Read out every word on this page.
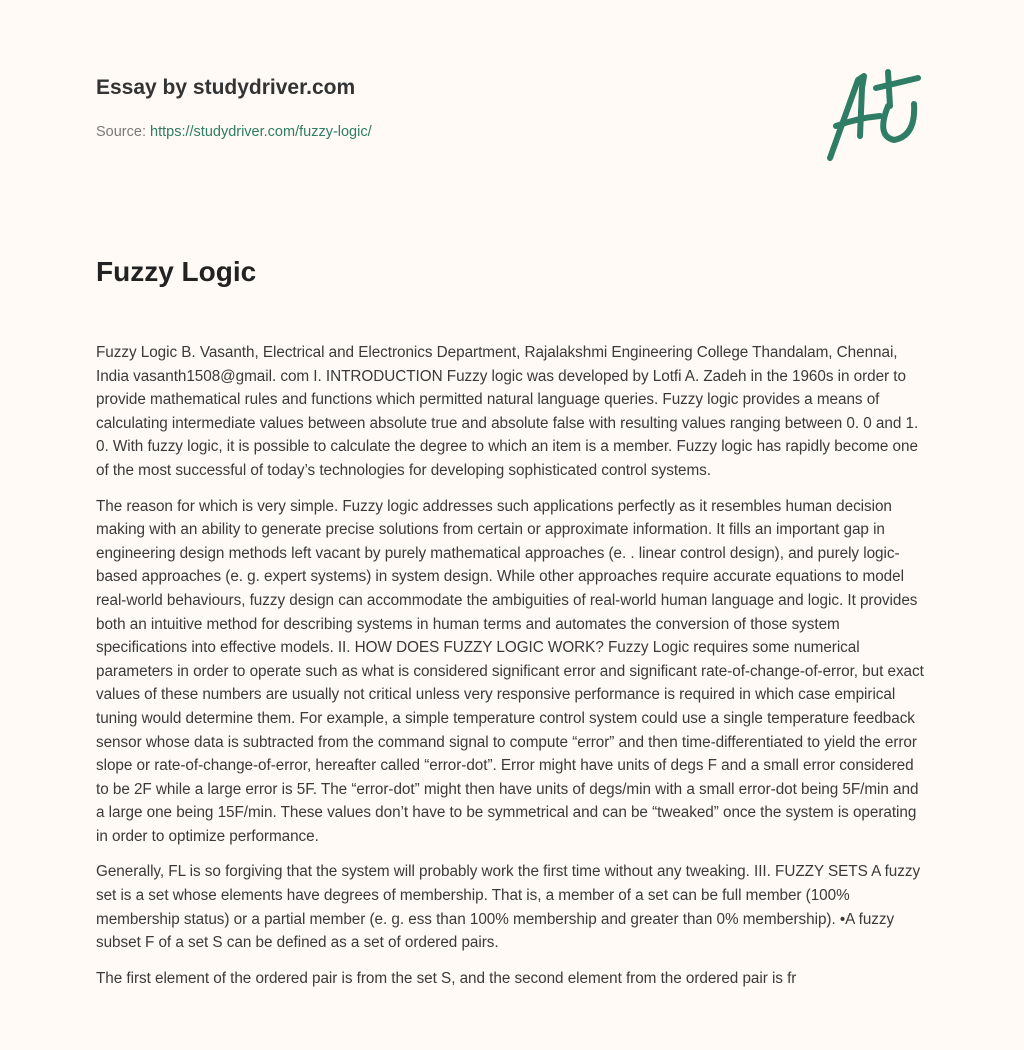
Essay by studydriver.com

Source: https://studydriver.com/fuzzy-logic/
Fuzzy Logic

Fuzzy Logic B. Vasanth, Electrical and Electronics Department, Rajalakshmi Engineering College Thandalam, Chennai, India vasanth1508@gmail. com I. INTRODUCTION Fuzzy logic was developed by Lotfi A. Zadeh in the 1960s in order to provide mathematical rules and functions which permitted natural language queries. Fuzzy logic provides a means of calculating intermediate values between absolute true and absolute false with resulting values ranging between 0. 0 and 1. 0. With fuzzy logic, it is possible to calculate the degree to which an item is a member. Fuzzy logic has rapidly become one of the most successful of today’s technologies for developing sophisticated control systems.

The reason for which is very simple. Fuzzy logic addresses such applications perfectly as it resembles human decision making with an ability to generate precise solutions from certain or approximate information. It fills an important gap in engineering design methods left vacant by purely mathematical approaches (e. . linear control design), and purely logic-based approaches (e. g. expert systems) in system design. While other approaches require accurate equations to model real-world behaviours, fuzzy design can accommodate the ambiguities of real-world human language and logic. It provides both an intuitive method for describing systems in human terms and automates the conversion of those system specifications into effective models. II. HOW DOES FUZZY LOGIC WORK? Fuzzy Logic requires some numerical parameters in order to operate such as what is considered significant error and significant rate-of-change-of-error, but exact values of these numbers are usually not critical unless very responsive performance is required in which case empirical tuning would determine them. For example, a simple temperature control system could use a single temperature feedback sensor whose data is subtracted from the command signal to compute “error” and then time-differentiated to yield the error slope or rate-of-change-of-error, hereafter called “error-dot”. Error might have units of degs F and a small error considered to be 2F while a large error is 5F. The “error-dot” might then have units of degs/min with a small error-dot being 5F/min and a large one being 15F/min. These values don’t have to be symmetrical and can be “tweaked” once the system is operating in order to optimize performance.

Generally, FL is so forgiving that the system will probably work the first time without any tweaking. III. FUZZY SETS A fuzzy set is a set whose elements have degrees of membership. That is, a member of a set can be full member (100% membership status) or a partial member (e. g. ess than 100% membership and greater than 0% membership). •A fuzzy subset F of a set S can be defined as a set of ordered pairs.

The first element of the ordered pair is from the set S, and the second element from the ordered pair is fr
